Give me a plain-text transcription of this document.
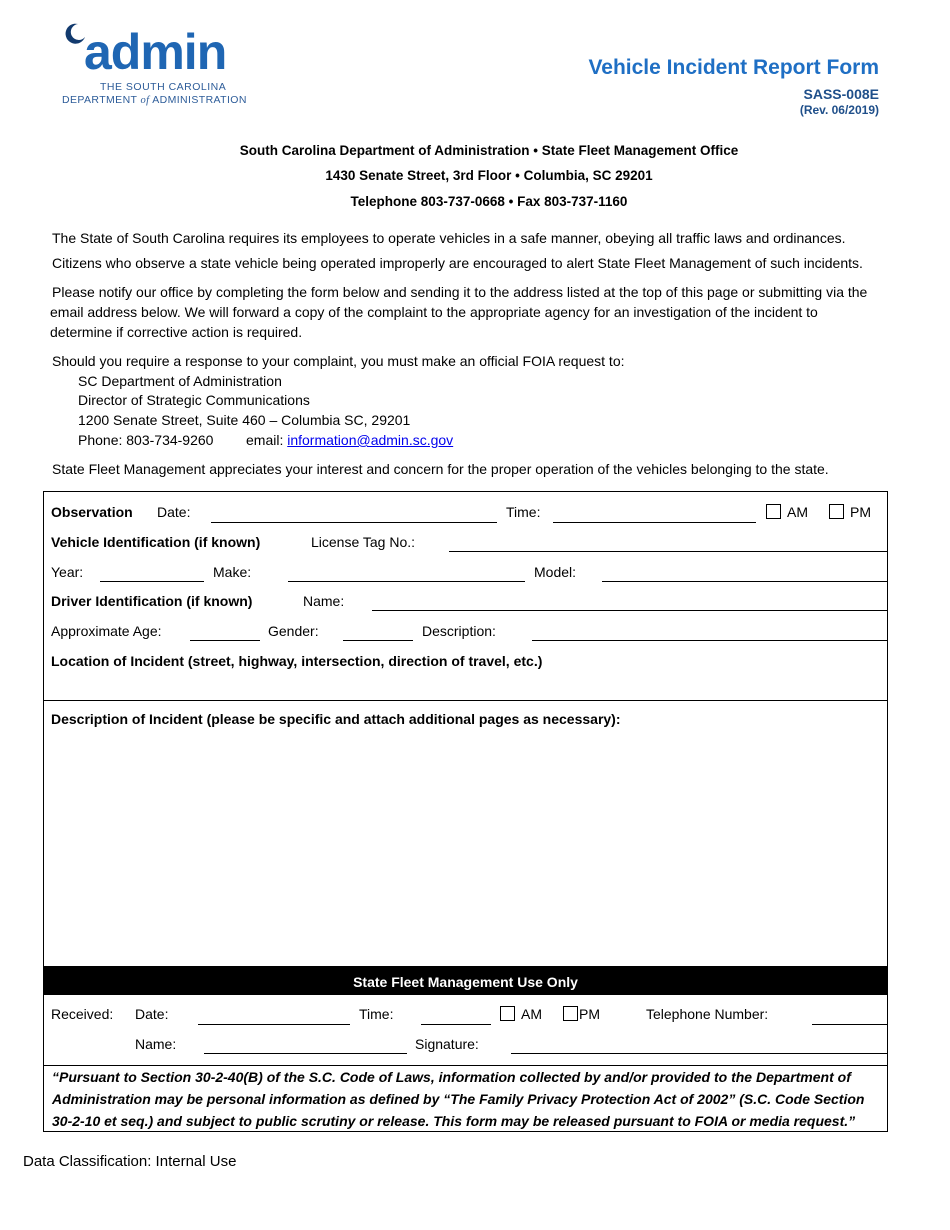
admin
THE SOUTH CAROLINA
DEPARTMENT of ADMINISTRATION
Vehicle Incident Report Form
SASS-008E
(Rev. 06/2019)
South Carolina Department of Administration • State Fleet Management Office
1430 Senate Street, 3rd Floor • Columbia, SC 29201
Telephone 803-737-0668 • Fax 803-737-1160
The State of South Carolina requires its employees to operate vehicles in a safe manner, obeying all traffic laws and ordinances.
Citizens who observe a state vehicle being operated improperly are encouraged to alert State Fleet Management of such incidents.
Please notify our office by completing the form below and sending it to the address listed at the top of this page or submitting via the
email address below. We will forward a copy of the complaint to the appropriate agency for an investigation of the incident to
determine if corrective action is required.
Should you require a response to your complaint, you must make an official FOIA request to:
SC Department of Administration
Director of Strategic Communications
1200 Senate Street, Suite 460 – Columbia SC, 29201
Phone: 803-734-9260 email: information@admin.sc.gov
State Fleet Management appreciates your interest and concern for the proper operation of the vehicles belonging to the state.
Observation Date:	Time:	AM	PM
Vehicle Identification (if known)	License Tag No.:
Year:	Make:	Model:
Driver Identification (if known)	Name:
Approximate Age:	Gender:	Description:
Location of Incident (street, highway, intersection, direction of travel, etc.)
Description of Incident (please be specific and attach additional pages as necessary):
State Fleet Management Use Only
Received: Date:	Time:	AM	PM	Telephone Number:
Name:	Signature:
“Pursuant to Section 30-2-40(B) of the S.C. Code of Laws, information collected by and/or provided to the Department of Administration may be personal information as defined by “The Family Privacy Protection Act of 2002” (S.C. Code Section 30-2-10 et seq.) and subject to public scrutiny or release. This form may be released pursuant to FOIA or media request.”
Data Classification: Internal Use
